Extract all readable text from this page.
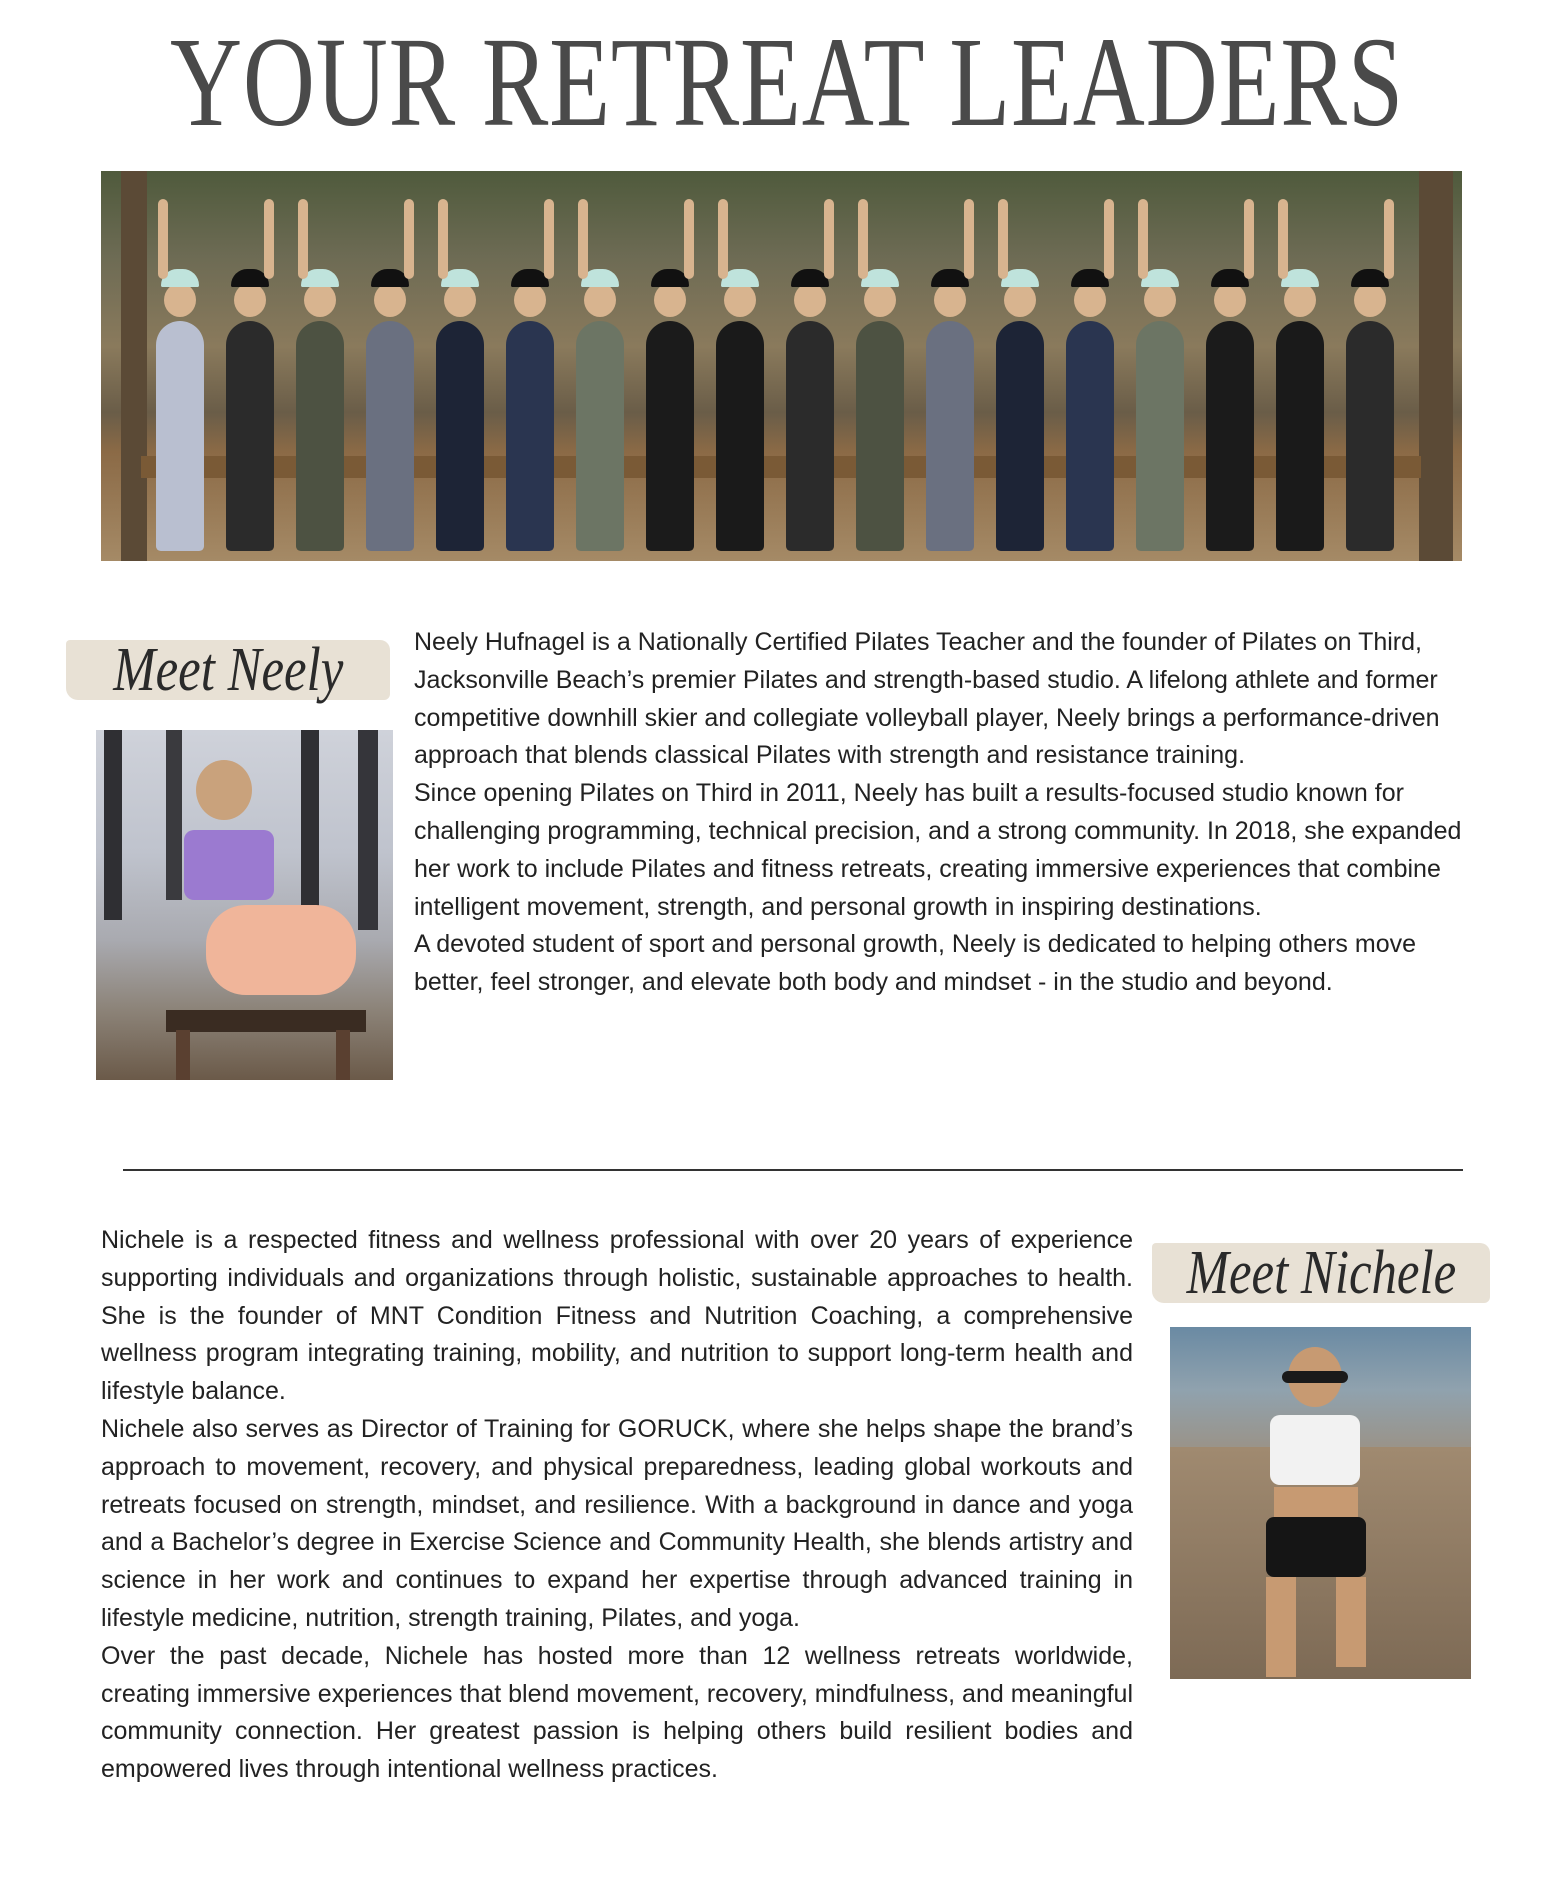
YOUR RETREAT LEADERS
Meet Neely	Neely Hufnagel is a Nationally Certified Pilates Teacher and the founder of Pilates on Third, Jacksonville Beach’s premier Pilates and strength-based studio. A lifelong athlete and former competitive downhill skier and collegiate volleyball player, Neely brings a performance-driven approach that blends classical Pilates with strength and resistance training.

Since opening Pilates on Third in 2011, Neely has built a results-focused studio known for challenging programming, technical precision, and a strong community. In 2018, she expanded her work to include Pilates and fitness retreats, creating immersive experiences that combine intelligent movement, strength, and personal growth in inspiring destinations.

A devoted student of sport and personal growth, Neely is dedicated to helping others move better, feel stronger, and elevate both body and mindset - in the studio and beyond.

Nichele is a respected fitness and wellness professional with over 20 years of experience supporting individuals and organizations through holistic, sustainable approaches to health. She is the founder of MNT Condition Fitness and Nutrition Coaching, a comprehensive wellness program integrating training, mobility, and nutrition to support long-term health and lifestyle balance.

Nichele also serves as Director of Training for GORUCK, where she helps shape the brand’s approach to movement, recovery, and physical preparedness, leading global workouts and retreats focused on strength, mindset, and resilience. With a background in dance and yoga and a Bachelor’s degree in Exercise Science and Community Health, she blends artistry and science in her work and continues to expand her expertise through advanced training in lifestyle medicine, nutrition, strength training, Pilates, and yoga.

Over the past decade, Nichele has hosted more than 12 wellness retreats worldwide, creating immersive experiences that blend movement, recovery, mindfulness, and meaningful community connection. Her greatest passion is helping others build resilient bodies and empowered lives through intentional wellness practices.

Meet Nichele
